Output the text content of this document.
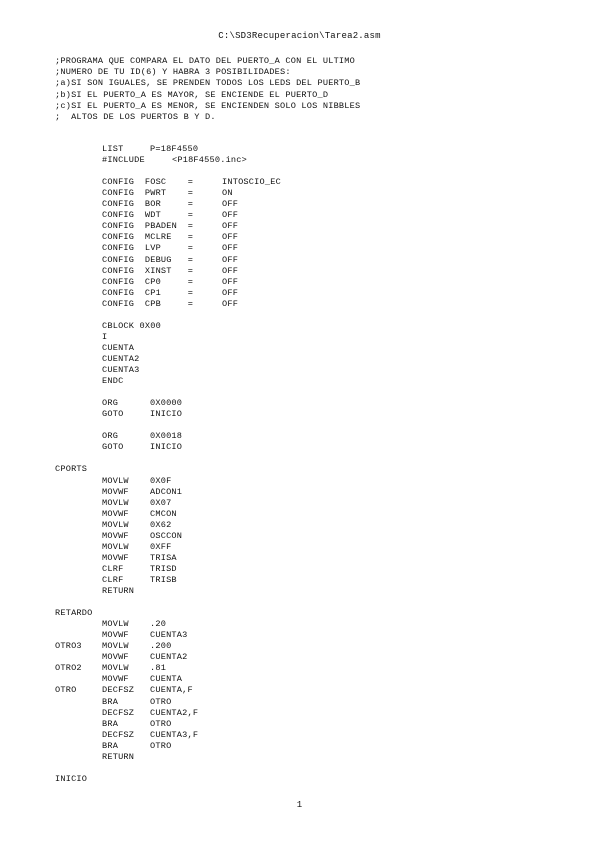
C:\SD3Recuperacion\Tarea2.asm
;PROGRAMA QUE COMPARA EL DATO DEL PUERTO_A CON EL ULTIMO
;NUMERO DE TU ID(6) Y HABRA 3 POSIBILIDADES:
;a)SI SON IGUALES, SE PRENDEN TODOS LOS LEDS DEL PUERTO_B
;b)SI EL PUERTO_A ES MAYOR, SE ENCIENDE EL PUERTO_D
;c)SI EL PUERTO_A ES MENOR, SE ENCIENDEN SOLO LOS NIBBLES
;  ALTOS DE LOS PUERTOS B Y D.
LIST	P=18F4550
#INCLUDE	<P18F4550.inc>
CONFIG  FOSC    =	INTOSCIO_EC
CONFIG  PWRT    =	ON
CONFIG  BOR     =	OFF
CONFIG  WDT     =	OFF
CONFIG  PBADEN  =	OFF
CONFIG  MCLRE   =	OFF
CONFIG  LVP     =	OFF
CONFIG  DEBUG   =	OFF
CONFIG  XINST   =	OFF
CONFIG  CP0     =	OFF
CONFIG  CP1     =	OFF
CONFIG  CPB     =	OFF
CBLOCK 0X00
I
CUENTA
CUENTA2
CUENTA3
ENDC
ORG	0X0000
GOTO	INICIO
ORG	0X0018
GOTO	INICIO
CPORTS
MOVLW 0X0F
MOVWF ADCON1
MOVLW 0X07
MOVWF CMCON
MOVLW 0X62
MOVWF OSCCON
MOVLW 0XFF
MOVWF TRISA
CLRF	TRISD
CLRF	TRISB
RETURN
RETARDO
MOVLW .20
MOVWF CUENTA3
OTRO3 MOVLW .200
MOVWF CUENTA2
OTRO2 MOVLW .81
MOVWF CUENTA
OTRO	DECFSZ CUENTA,F
BRA	OTRO
DECFSZ CUENTA2,F
BRA	OTRO
DECFSZ CUENTA3,F
BRA	OTRO
RETURN
INICIO
1
